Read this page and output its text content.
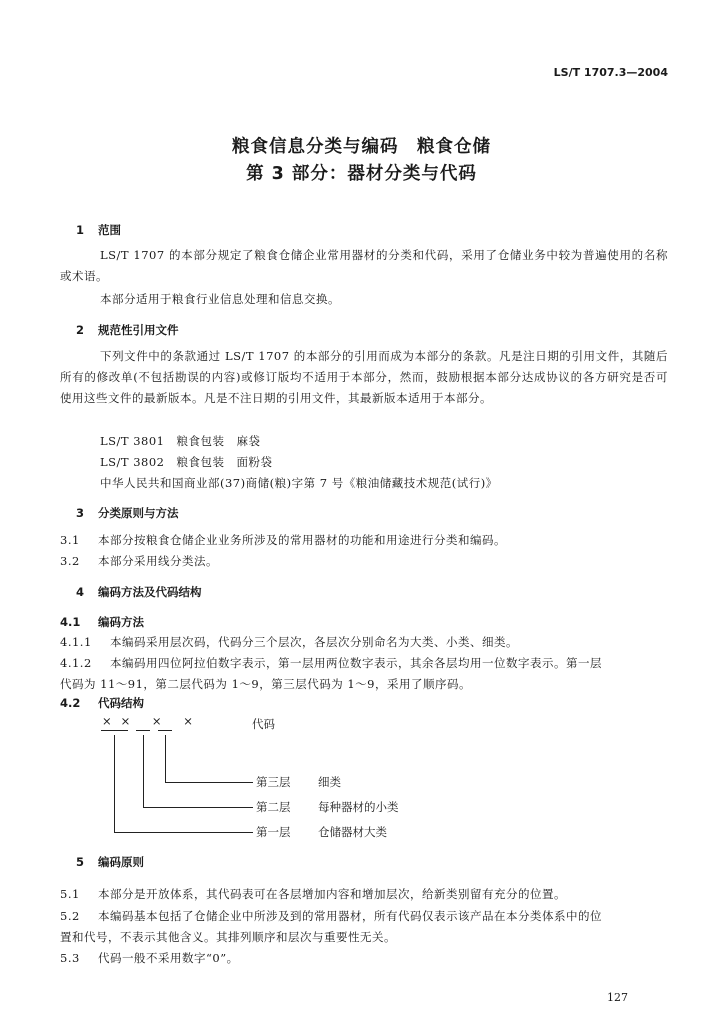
LS/T 1707.3—2004
粮食信息分类与编码　粮食仓储
第 3 部分：器材分类与代码
1 范围
LS/T 1707 的本部分规定了粮食仓储企业常用器材的分类和代码，采用了仓储业务中较为普遍使用的名称或术语。
本部分适用于粮食行业信息处理和信息交换。
2 规范性引用文件
下列文件中的条款通过 LS/T 1707 的本部分的引用而成为本部分的条款。凡是注日期的引用文件，其随后所有的修改单(不包括勘误的内容)或修订版均不适用于本部分，然而，鼓励根据本部分达成协议的各方研究是否可使用这些文件的最新版本。凡是不注日期的引用文件，其最新版本适用于本部分。
LS/T 3801　粮食包装　麻袋
LS/T 3802　粮食包装　面粉袋
中华人民共和国商业部(37)商储(粮)字第 7 号《粮油储藏技术规范(试行)》
3 分类原则与方法
3.1 本部分按粮食仓储企业业务所涉及的常用器材的功能和用途进行分类和编码。
3.2 本部分采用线分类法。
4 编码方法及代码结构
4.1 编码方法
4.1.1 本编码采用层次码，代码分三个层次，各层次分别命名为大类、小类、细类。
4.1.2 本编码用四位阿拉伯数字表示，第一层用两位数字表示，其余各层均用一位数字表示。第一层
代码为 11～91，第二层代码为 1～9，第三层代码为 1～9，采用了顺序码。
4.2 代码结构
×× × ×	代码
第三层 细类
第二层 每种器材的小类
第一层 仓储器材大类
5 编码原则
5.1 本部分是开放体系，其代码表可在各层增加内容和增加层次，给新类别留有充分的位置。
5.2 本编码基本包括了仓储企业中所涉及到的常用器材，所有代码仅表示该产品在本分类体系中的位
置和代号，不表示其他含义。其排列顺序和层次与重要性无关。
5.3 代码一般不采用数字“0”。
127
